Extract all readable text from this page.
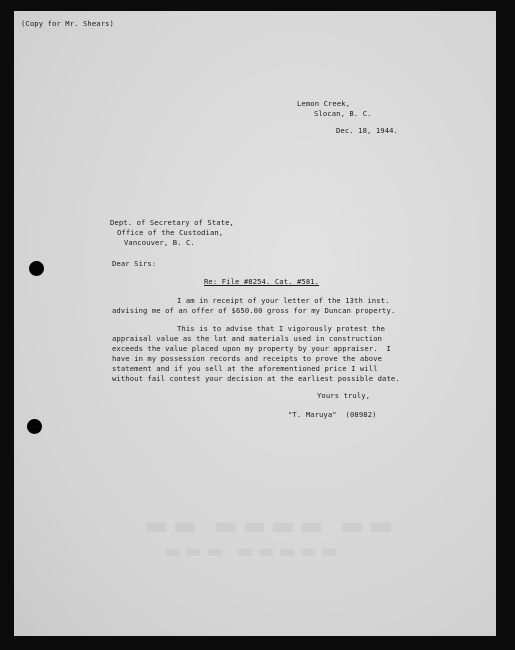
▬▬ ▬▬▬▬ ▬▬
▬▬▬ ▬▬▬▬▬
(Copy for Mr. Shears)
Lemon Creek,
Slocan, B. C.
Dec. 18, 1944.
Dept. of Secretary of State,
Office of the Custodian,
Vancouver, B. C.
Dear Sirs:
Re: File #8254. Cat. #581.
I am in receipt of your letter of the 13th inst.
advising me of an offer of $650.00 gross for my Duncan property.
This is to advise that I vigorously protest the
appraisal value as the lot and materials used in construction
exceeds the value placed upon my property by your appraiser.  I
have in my possession records and receipts to prove the above
statement and if you sell at the aforementioned price I will
without fail contest your decision at the earliest possible date.
Yours truly,
"T. Maruya"  (08982)
